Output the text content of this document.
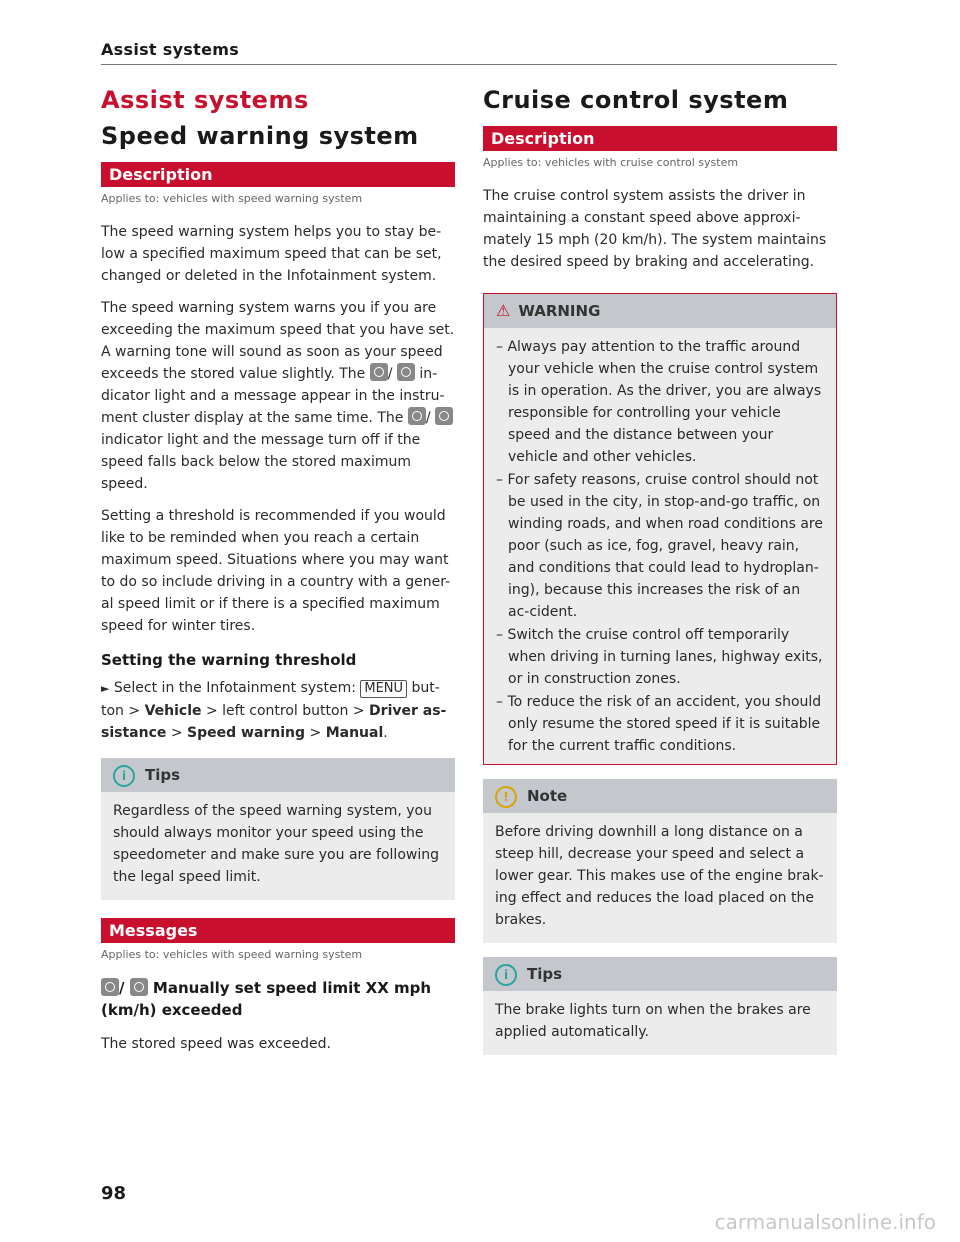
Assist systems
Assist systems
Speed warning system
Description
Applies to: vehicles with speed warning system

The speed warning system helps you to stay be-low a specified maximum speed that can be set, changed or deleted in the Infotainment system.

The speed warning system warns you if you are exceeding the maximum speed that you have set. A warning tone will sound as soon as your speed exceeds the stored value slightly. The /  in-dicator light and a message appear in the instru-ment cluster display at the same time. The /  indicator light and the message turn off if the speed falls back below the stored maximum speed.

Setting a threshold is recommended if you would like to be reminded when you reach a certain maximum speed. Situations where you may want to do so include driving in a country with a gener-al speed limit or if there is a specified maximum speed for winter tires.

Setting the warning threshold

► Select in the Infotainment system: MENU but-ton > Vehicle > left control button > Driver as-sistance > Speed warning > Manual.

i Tips

Regardless of the speed warning system, you should always monitor your speed using the speedometer and make sure you are following the legal speed limit.

Messages
Applies to: vehicles with speed warning system
/  Manually set speed limit XX mph (km/h) exceeded

The stored speed was exceeded.

Cruise control system
Description
Applies to: vehicles with cruise control system

The cruise control system assists the driver in maintaining a constant speed above approxi-mately 15 mph (20 km/h). The system maintains the desired speed by braking and accelerating.

⚠ WARNING
– Always pay attention to the traffic around your vehicle when the cruise control system is in operation. As the driver, you are always responsible for controlling your vehicle speed and the distance between your vehicle and other vehicles.
– For safety reasons, cruise control should not be used in the city, in stop-and-go traffic, on winding roads, and when road conditions are poor (such as ice, fog, gravel, heavy rain, and conditions that could lead to hydroplan-ing), because this increases the risk of an ac-cident.
– Switch the cruise control off temporarily when driving in turning lanes, highway exits, or in construction zones.
– To reduce the risk of an accident, you should only resume the stored speed if it is suitable for the current traffic conditions.
! Note

Before driving downhill a long distance on a steep hill, decrease your speed and select a lower gear. This makes use of the engine brak-ing effect and reduces the load placed on the brakes.

i Tips

The brake lights turn on when the brakes are applied automatically.

98
carmanualsonline.info
